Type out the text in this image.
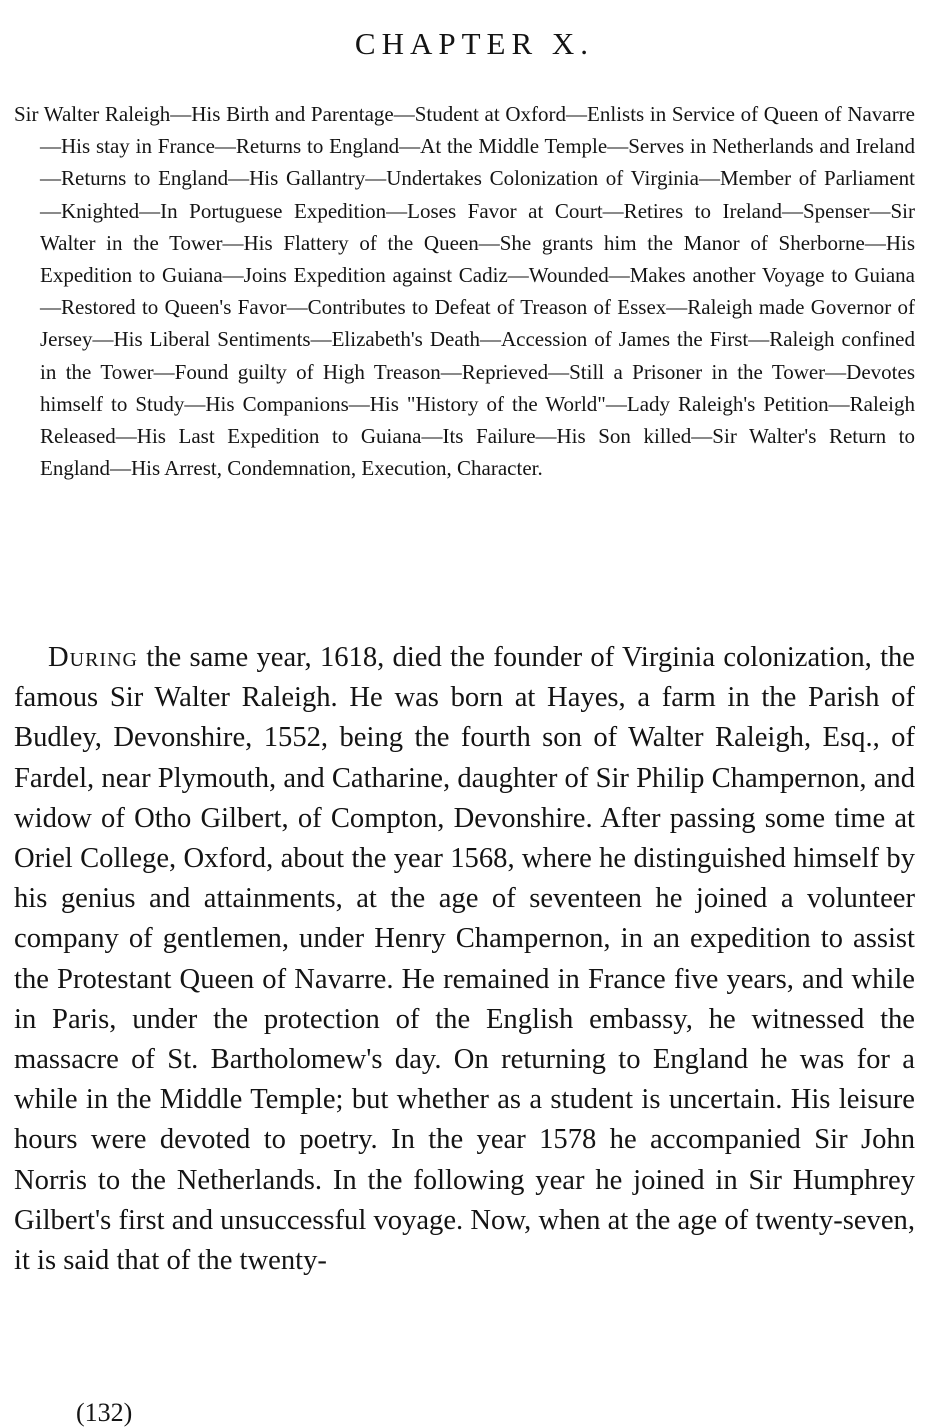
CHAPTER X.

Sir Walter Raleigh—His Birth and Parentage—Student at Oxford—Enlists in Service of Queen of Navarre—His stay in France—Returns to England—At the Middle Temple—Serves in Netherlands and Ireland—Returns to England—His Gallantry—Undertakes Colonization of Virginia—Member of Parliament—Knighted—In Portuguese Expedition—Loses Favor at Court—Retires to Ireland—Spenser—Sir Walter in the Tower—His Flattery of the Queen—She grants him the Manor of Sherborne—His Expedition to Guiana—Joins Expedition against Cadiz—Wounded—Makes another Voyage to Guiana—Restored to Queen's Favor—Contributes to Defeat of Treason of Essex—Raleigh made Governor of Jersey—His Liberal Sentiments—Elizabeth's Death—Accession of James the First—Raleigh confined in the Tower—Found guilty of High Treason—Reprieved—Still a Prisoner in the Tower—Devotes himself to Study—His Companions—His "History of the World"—Lady Raleigh's Petition—Raleigh Released—His Last Expedition to Guiana—Its Failure—His Son killed—Sir Walter's Return to England—His Arrest, Condemnation, Execution, Character.

During the same year, 1618, died the founder of Virginia colonization, the famous Sir Walter Raleigh. He was born at Hayes, a farm in the Parish of Budley, Devonshire, 1552, being the fourth son of Walter Raleigh, Esq., of Fardel, near Plymouth, and Catharine, daughter of Sir Philip Champernon, and widow of Otho Gilbert, of Compton, Devonshire. After passing some time at Oriel College, Oxford, about the year 1568, where he distinguished himself by his genius and attainments, at the age of seventeen he joined a volunteer company of gentlemen, under Henry Champernon, in an expedition to assist the Protestant Queen of Navarre. He remained in France five years, and while in Paris, under the protection of the English embassy, he witnessed the massacre of St. Bartholomew's day. On returning to England he was for a while in the Middle Temple; but whether as a student is uncertain. His leisure hours were devoted to poetry. In the year 1578 he accompanied Sir John Norris to the Netherlands. In the following year he joined in Sir Humphrey Gilbert's first and unsuccessful voyage. Now, when at the age of twenty-seven, it is said that of the twenty-

(132)
